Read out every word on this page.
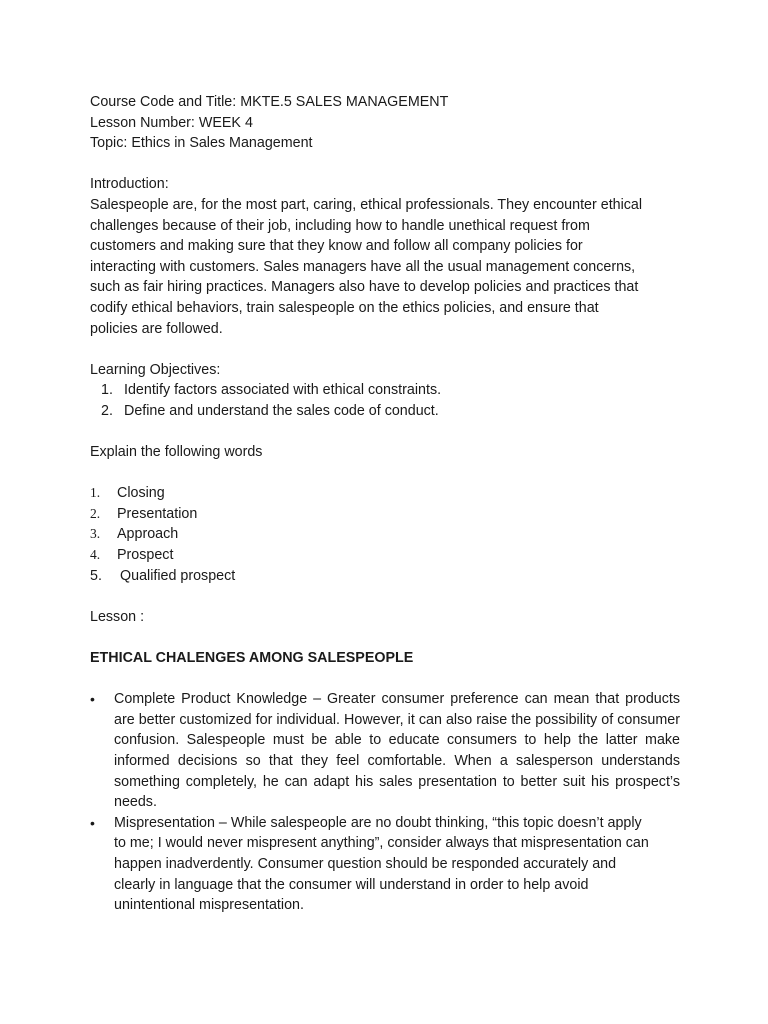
Course Code and Title: MKTE.5 SALES MANAGEMENT

Lesson Number: WEEK 4

Topic: Ethics in Sales Management

Introduction:

Salespeople are, for the most part, caring, ethical professionals. They encounter ethical

challenges because of their job, including how to handle unethical request from

customers and making sure that they know and follow all company policies for

interacting with customers. Sales managers have all the usual management concerns,

such as fair hiring practices. Managers also have to develop policies and practices that

codify ethical behaviors, train salespeople on the ethics policies, and ensure that

policies are followed.

Learning Objectives:

1. Identify factors associated with ethical constraints.
2. Define and understand the sales code of conduct.

Explain the following words

1. Closing
2. Presentation
3. Approach
4. Prospect
5. Qualified prospect

Lesson :

ETHICAL CHALENGES AMONG SALESPEOPLE

• Complete Product Knowledge – Greater consumer preference can mean that products are better customized for individual. However, it can also raise the possibility of consumer confusion. Salespeople must be able to educate consumers to help the latter make informed decisions so that they feel comfortable. When a salesperson understands something completely, he can adapt his sales presentation to better suit his prospect’s needs.
• Mispresentation – While salespeople are no doubt thinking, “this topic doesn’t apply

to me; I would never mispresent anything”, consider always that mispresentation can

happen inadverdently. Consumer question should be responded accurately and

clearly in language that the consumer will understand in order to help avoid

unintentional mispresentation.
